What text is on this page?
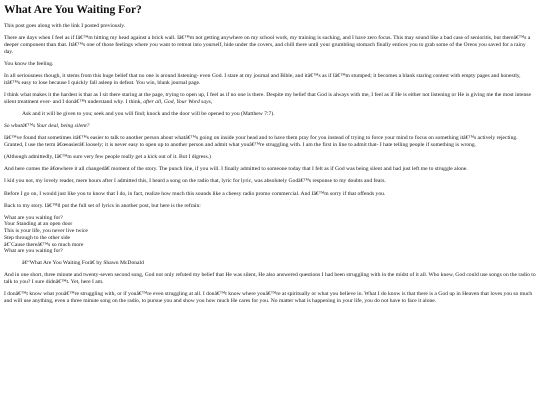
What Are You Waiting For?

This post goes along with the link I posted previously.

There are days when I feel as if Iâ€™m hitting my head against a brick wall. Iâ€™m not getting anywhere on my school work, my training is sucking, and I have zero focus. This may sound like a bad case of senioritis, but thereâ€™s a deeper component than that. Itâ€™s one of those feelings where you want to retreat into yourself, hide under the covers, and chill there until your grumbling stomach finally entices you to grab some of the Oreos you saved for a rainy day.

You know the feeling.

In all seriousness though, it stems from this huge belief that no one is around listening- even God. I stare at my journal and Bible, and itâ€™s as if Iâ€™m stumped; it becomes a blank staring contest with empty pages and honestly, itâ€™s easy to lose because I quickly fall asleep in defeat. You win, blank journal page.

I think what makes it the hardest is that as I sit there staring at the page, trying to open up, I feel as if no one is there. Despite my belief that God is always with me, I feel as if He is either not listening or He is giving me the most intense silent treatment ever- and I donâ€™t understand why. I think, after all, God, Your Word says,

Ask and it will be given to you; seek and you will find; knock and the door will be opened to you (Matthew 7:7).

So whatâ€™s Your deal, being silent?

Iâ€™ve found that sometimes itâ€™s easier to talk to another person about whatâ€™s going on inside your head and to have them pray for you instead of trying to force your mind to focus on something itâ€™s actively rejecting. Granted, I use the term â€œeasierâ€ loosely; it is never easy to open up to another person and admit what youâ€™re struggling with. I am the first in line to admit that- I hate telling people if something is wrong.

(Although admittedly, Iâ€™m sure very few people really get a kick out of it. But I digress.)

And here comes the â€œwhere it all changedâ€ moment of the story. The punch line, if you will. I finally admitted to someone today that I felt as if God was being silent and had just left me to struggle alone.

I kid you not, my lovely reader, mere hours after I admitted this, I heard a song on the radio that, lyric for lyric, was absolutely Godâ€™s response to my doubts and fears.

Before I go on, I would just like you to know that I do, in fact, realize how much this sounds like a cheesy radio promo commercial. And Iâ€™m sorry if that offends you.

Back to my story. Iâ€™ll put the full set of lyrics in another post, but here is the refrain:

What are you waiting for?
Your Standing at an open door
This is your life, you never live twice
Step through to the other side
â€˜Cause thereâ€™s so much more
What are you waiting for?

â€“What Are You Waiting Forâ€ by Shawn McDonald

And in one short, three minute and twenty-seven second song, God not only refuted my belief that He was silent, He also answered questions I had been struggling with in the midst of it all. Who knew, God could use songs on the radio to talk to you? I sure didnâ€™t. Yet, here I am.

I donâ€™t know what youâ€™re struggling with, or if youâ€™re even struggling at all. I donâ€™t know where youâ€™re at spiritually or what you believe in. What I do know is that there is a God up in Heaven that loves you so much and will use anything, even a three minute song on the radio, to pursue you and show you how much He cares for you. No matter what is happening in your life, you do not have to face it alone.
